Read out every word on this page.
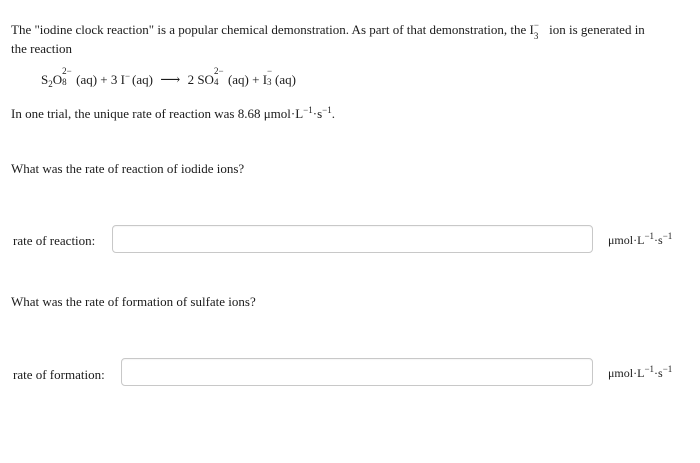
The "iodine clock reaction" is a popular chemical demonstration. As part of that demonstration, the I −
3 ion is generated in
the reaction
$S_2O$
2−
8 (aq) + 3 I− (aq) ⟶ 2 SO
2−
4 (aq) + I
−
3 (aq)
In one trial, the unique rate of reaction was 8.68 $\mu mol\cdot L^{-1}\cdot s^{-1}$.
What was the rate of reaction of iodide ions?
rate of reaction:	$\mu mol\cdot L^{-1}\cdot s^{-1}$
What was the rate of formation of sulfate ions?
rate of formation:	$\mu mol\cdot L^{-1}\cdot s^{-1}$
